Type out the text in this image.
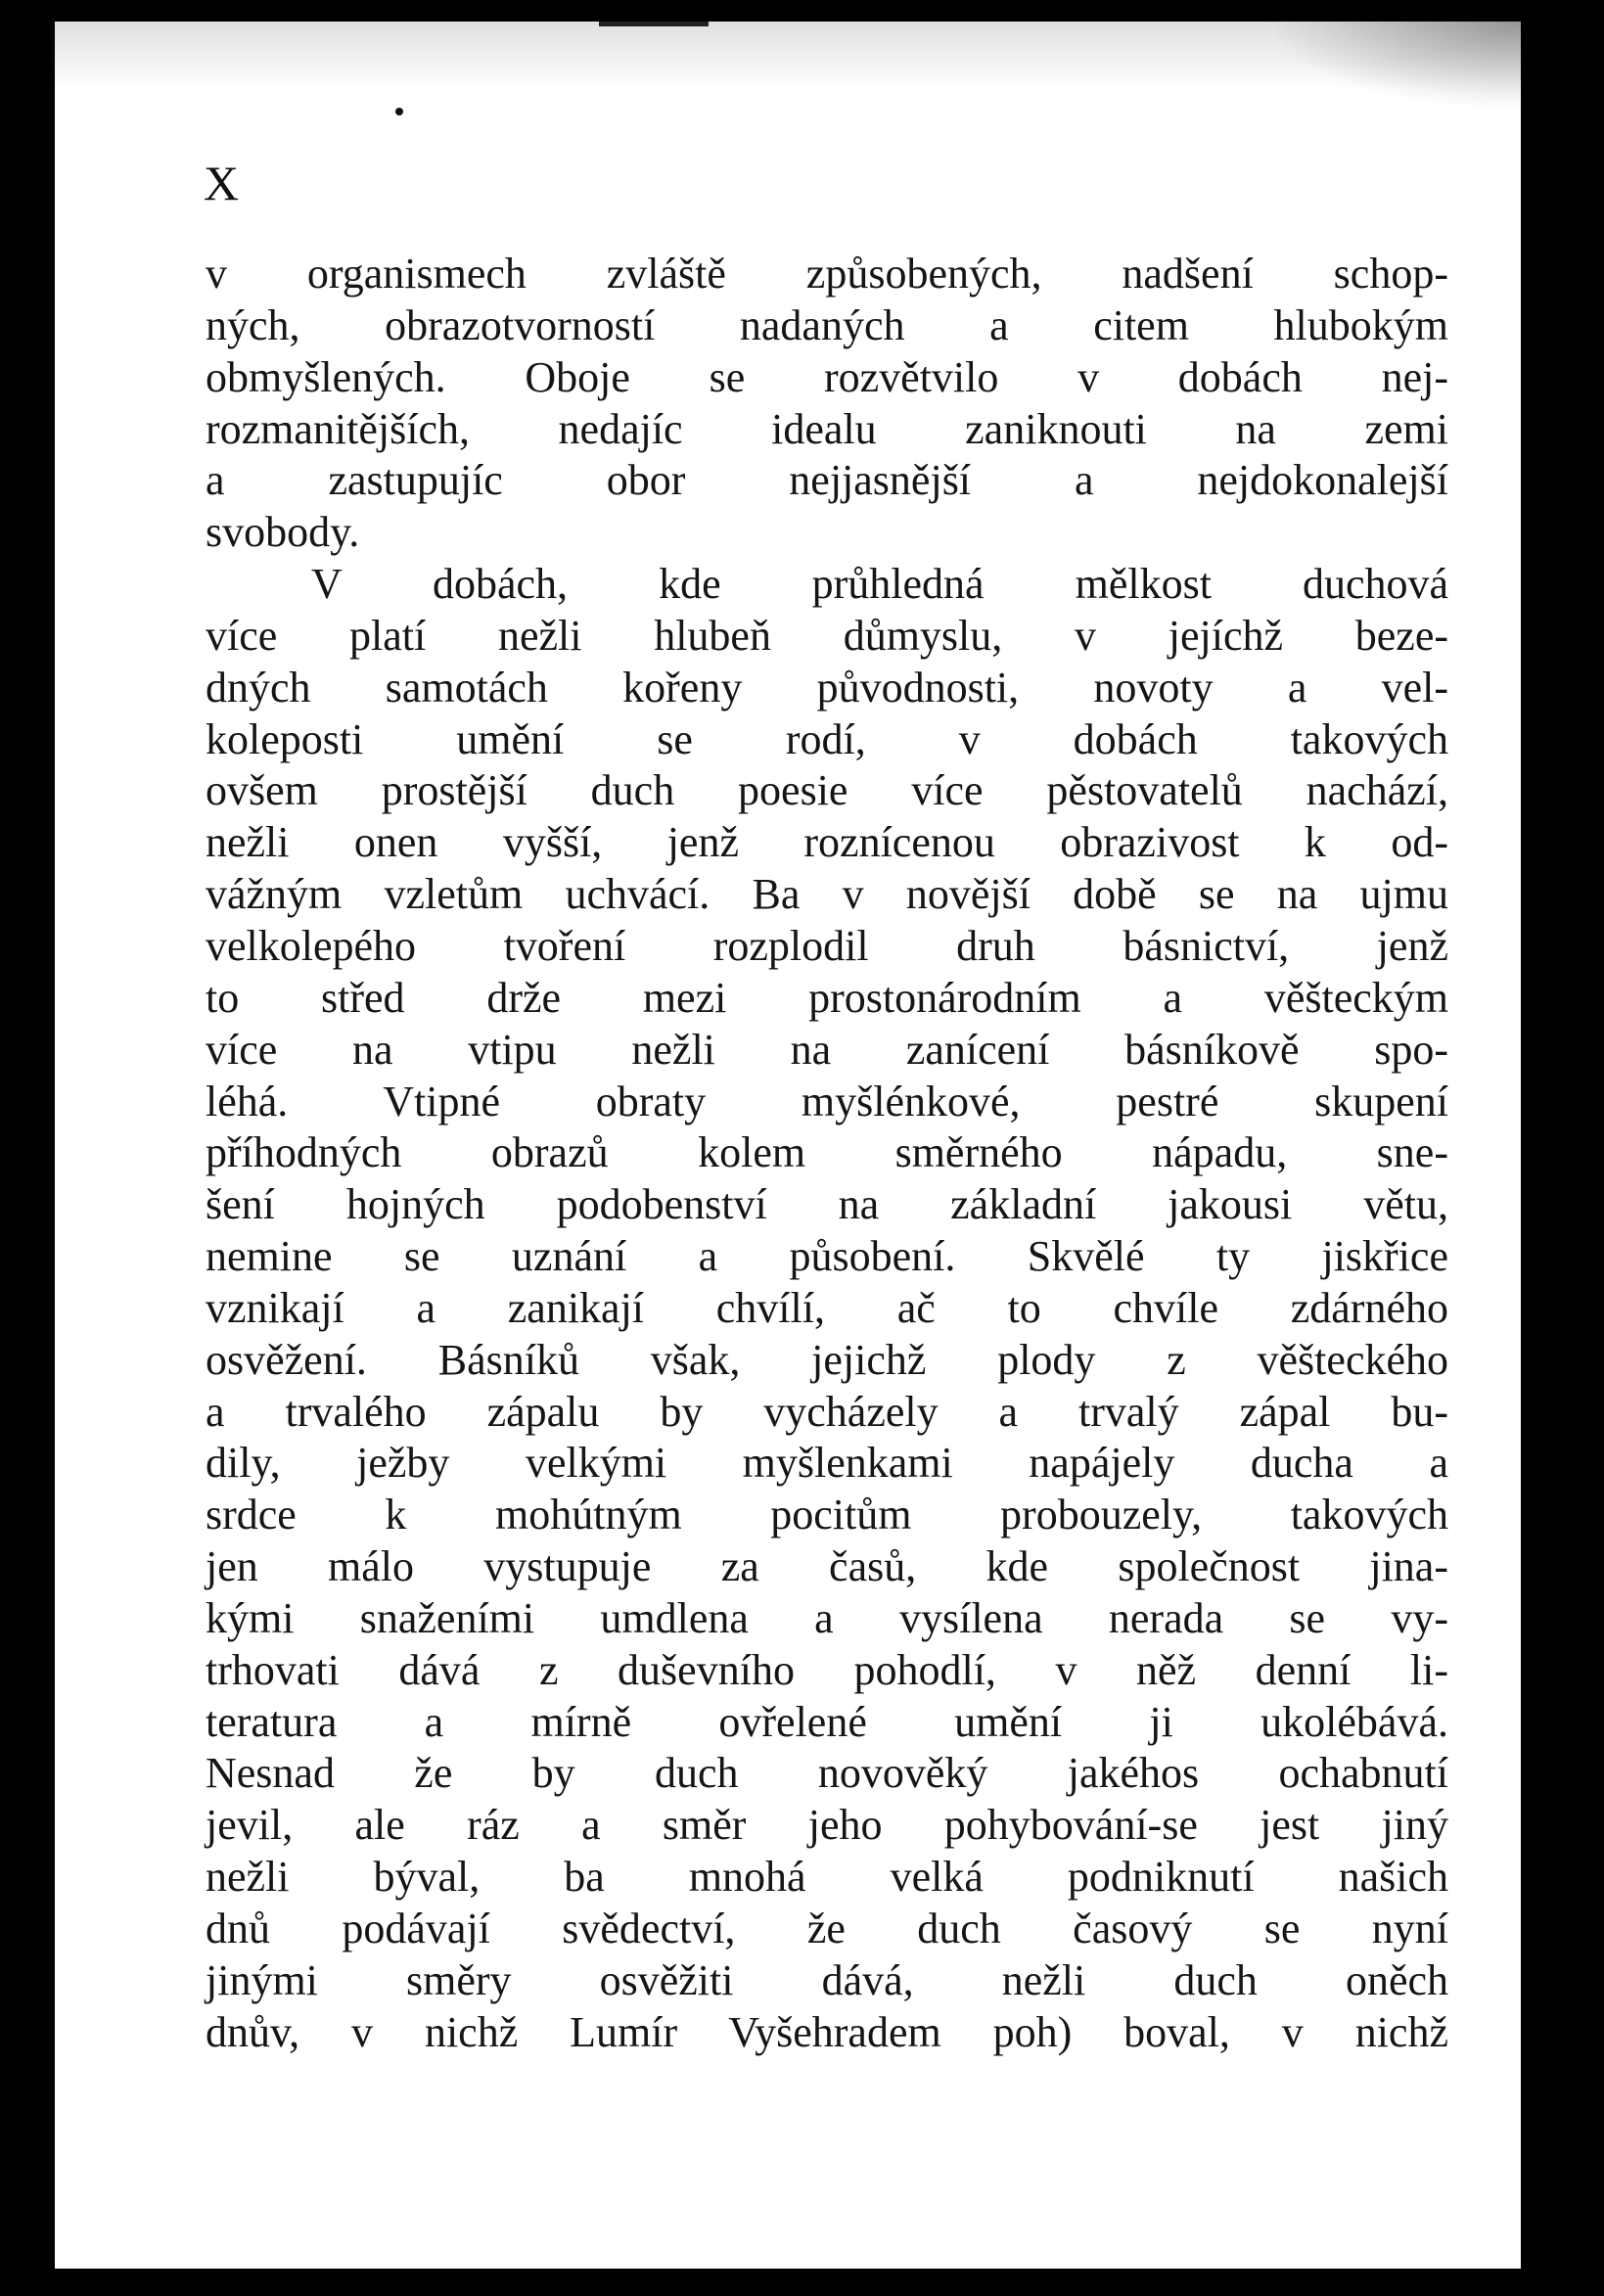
X
v organismech zvláště způsobených, nadšení schop-
ných, obrazotvorností nadaných a citem hlubokým
obmyšlených. Oboje se rozvětvilo v dobách nej-
rozmanitějších, nedajíc idealu zaniknouti na zemi
a zastupujíc obor nejjasnější a nejdokonalejší
svobody.
V dobách, kde průhledná mělkost duchová
více platí nežli hlubeň důmyslu, v jejíchž beze-
dných samotách kořeny původnosti, novoty a vel-
koleposti umění se rodí, v dobách takových
ovšem prostější duch poesie více pěstovatelů nachází,
nežli onen vyšší, jenž roznícenou obrazivost k od-
vážným vzletům uchvácí. Ba v novější době se na ujmu
velkolepého tvoření rozplodil druh básnictví, jenž
to střed drže mezi prostonárodním a věšteckým
více na vtipu nežli na zanícení básníkově spo-
léhá. Vtipné obraty myšlénkové, pestré skupení
příhodných obrazů kolem směrného nápadu, sne-
šení hojných podobenství na základní jakousi větu,
nemine se uznání a působení. Skvělé ty jiskřice
vznikají a zanikají chvílí, ač to chvíle zdárného
osvěžení. Básníků však, jejichž plody z věšteckého
a trvalého zápalu by vycházely a trvalý zápal bu-
dily, ježby velkými myšlenkami napájely ducha a
srdce k mohútným pocitům probouzely, takových
jen málo vystupuje za časů, kde společnost jina-
kými snaženími umdlena a vysílena nerada se vy-
trhovati dává z duševního pohodlí, v něž denní li-
teratura a mírně ovřelené umění ji ukolébává.
Nesnad že by duch novověký jakéhos ochabnutí
jevil, ale ráz a směr jeho pohybování-se jest jiný
nežli býval, ba mnohá velká podniknutí našich
dnů podávají svědectví, že duch časový se nyní
jinými směry osvěžiti dává, nežli duch oněch
dnův, v nichž Lumír Vyšehradem poh) boval, v nichž
